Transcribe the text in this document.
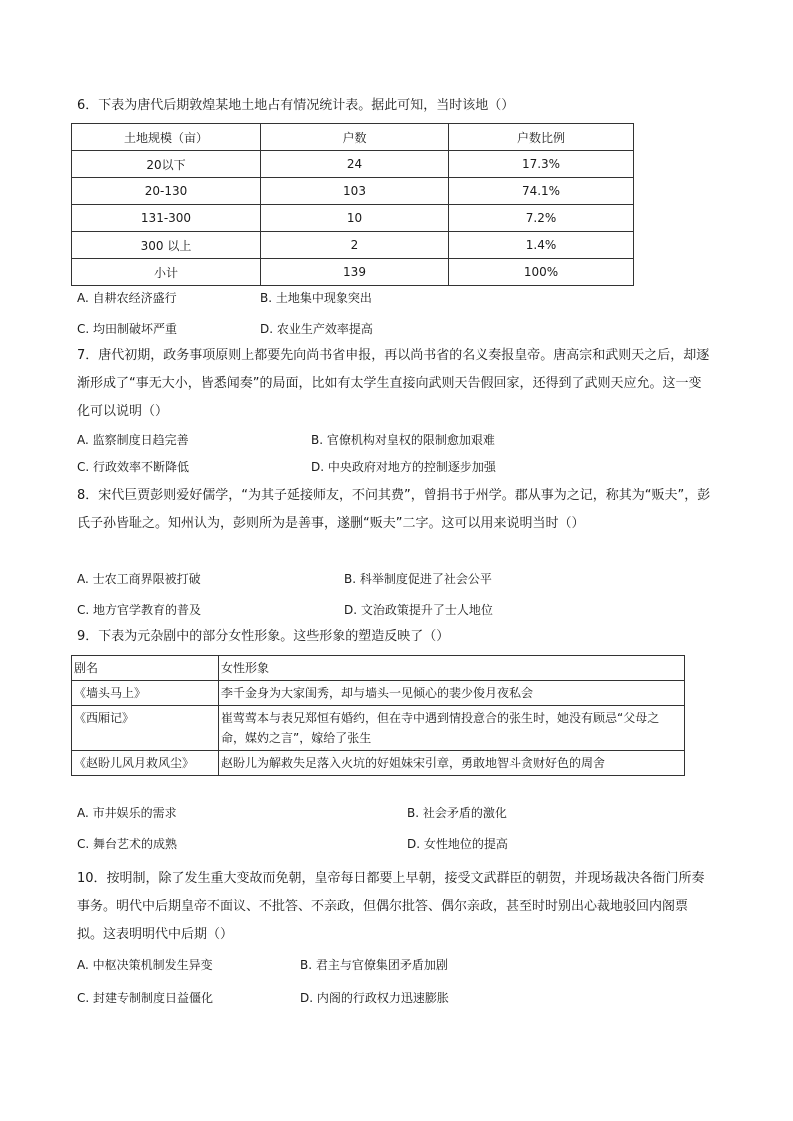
6．下表为唐代后期敦煌某地土地占有情况统计表。据此可知，当时该地（）
土地规模（亩）	户数	户数比例
20以下	24	17.3%
20-130	103	74.1%
131-300	10	7.2%
300 以上	2	1.4%
小计	139	100%
A. 自耕农经济盛行	B. 土地集中现象突出
C. 均田制破坏严重	D. 农业生产效率提高
7．唐代初期，政务事项原则上都要先向尚书省申报，再以尚书省的名义奏报皇帝。唐高宗和武则天之后，却逐渐形成了“事无大小，皆悉闻奏”的局面，比如有太学生直接向武则天告假回家，还得到了武则天应允。这一变化可以说明（）
A. 监察制度日趋完善	B. 官僚机构对皇权的限制愈加艰难
C. 行政效率不断降低	D. 中央政府对地方的控制逐步加强
8．宋代巨贾彭则爱好儒学，“为其子延接师友，不问其费”，曾捐书于州学。郡从事为之记，称其为“贩夫”，彭氏子孙皆耻之。知州认为，彭则所为是善事，遂删“贩夫”二字。这可以用来说明当时（）
A. 士农工商界限被打破	B. 科举制度促进了社会公平
C. 地方官学教育的普及	D. 文治政策提升了士人地位
9．下表为元杂剧中的部分女性形象。这些形象的塑造反映了（）
剧名	女性形象
《墙头马上》	李千金身为大家闺秀，却与墙头一见倾心的裴少俊月夜私会
《西厢记》	崔莺莺本与表兄郑恒有婚约，但在寺中遇到情投意合的张生时，她没有顾忌“父母之命，媒妁之言”，嫁给了张生
《赵盼儿风月救风尘》	赵盼儿为解救失足落入火坑的好姐妹宋引章，勇敢地智斗贪财好色的周舍
A. 市井娱乐的需求	B. 社会矛盾的激化
C. 舞台艺术的成熟	D. 女性地位的提高
10．按明制，除了发生重大变故而免朝，皇帝每日都要上早朝，接受文武群臣的朝贺，并现场裁决各衙门所奏事务。明代中后期皇帝不面议、不批答、不亲政，但偶尔批答、偶尔亲政，甚至时时别出心裁地驳回内阁票拟。这表明明代中后期（）
A. 中枢决策机制发生异变	B. 君主与官僚集团矛盾加剧
C. 封建专制制度日益僵化	D. 内阁的行政权力迅速膨胀
